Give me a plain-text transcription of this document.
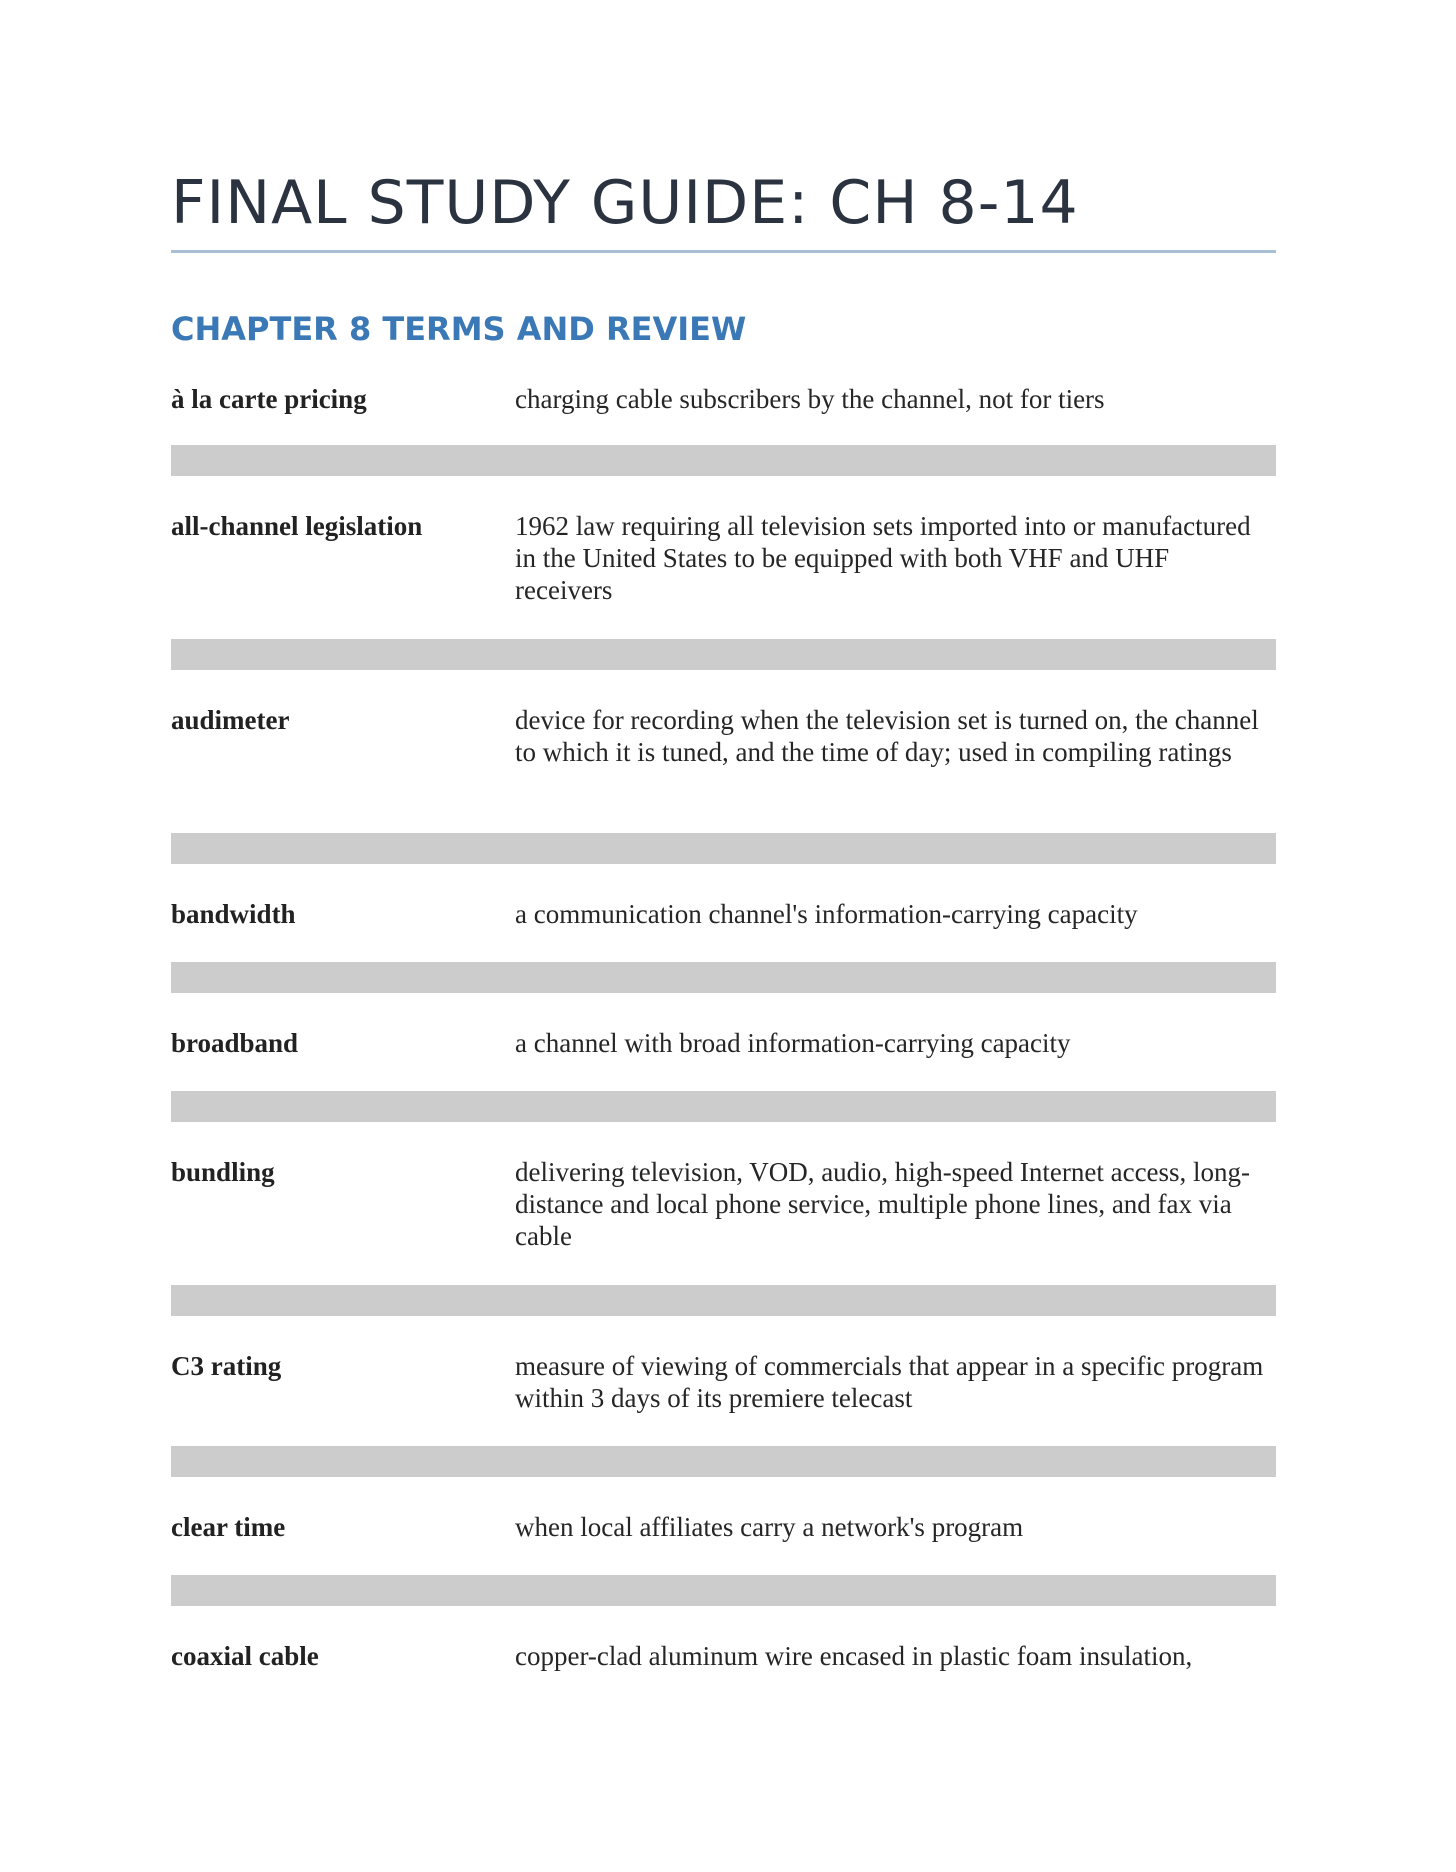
FINAL STUDY GUIDE: CH 8-14
CHAPTER 8 TERMS AND REVIEW
à la carte pricing	charging cable subscribers by the channel, not for tiers
all-channel legislation	1962 law requiring all television sets imported into or manufactured in the United States to be equipped with both VHF and UHF receivers
audimeter	device for recording when the television set is turned on, the channel to which it is tuned, and the time of day; used in compiling ratings
bandwidth	a communication channel's information-carrying capacity
broadband	a channel with broad information-carrying capacity
bundling	delivering television, VOD, audio, high-speed Internet access, long-distance and local phone service, multiple phone lines, and fax via cable
C3 rating	measure of viewing of commercials that appear in a specific program within 3 days of its premiere telecast
clear time	when local affiliates carry a network's program
coaxial cable	copper-clad aluminum wire encased in plastic foam insulation,
